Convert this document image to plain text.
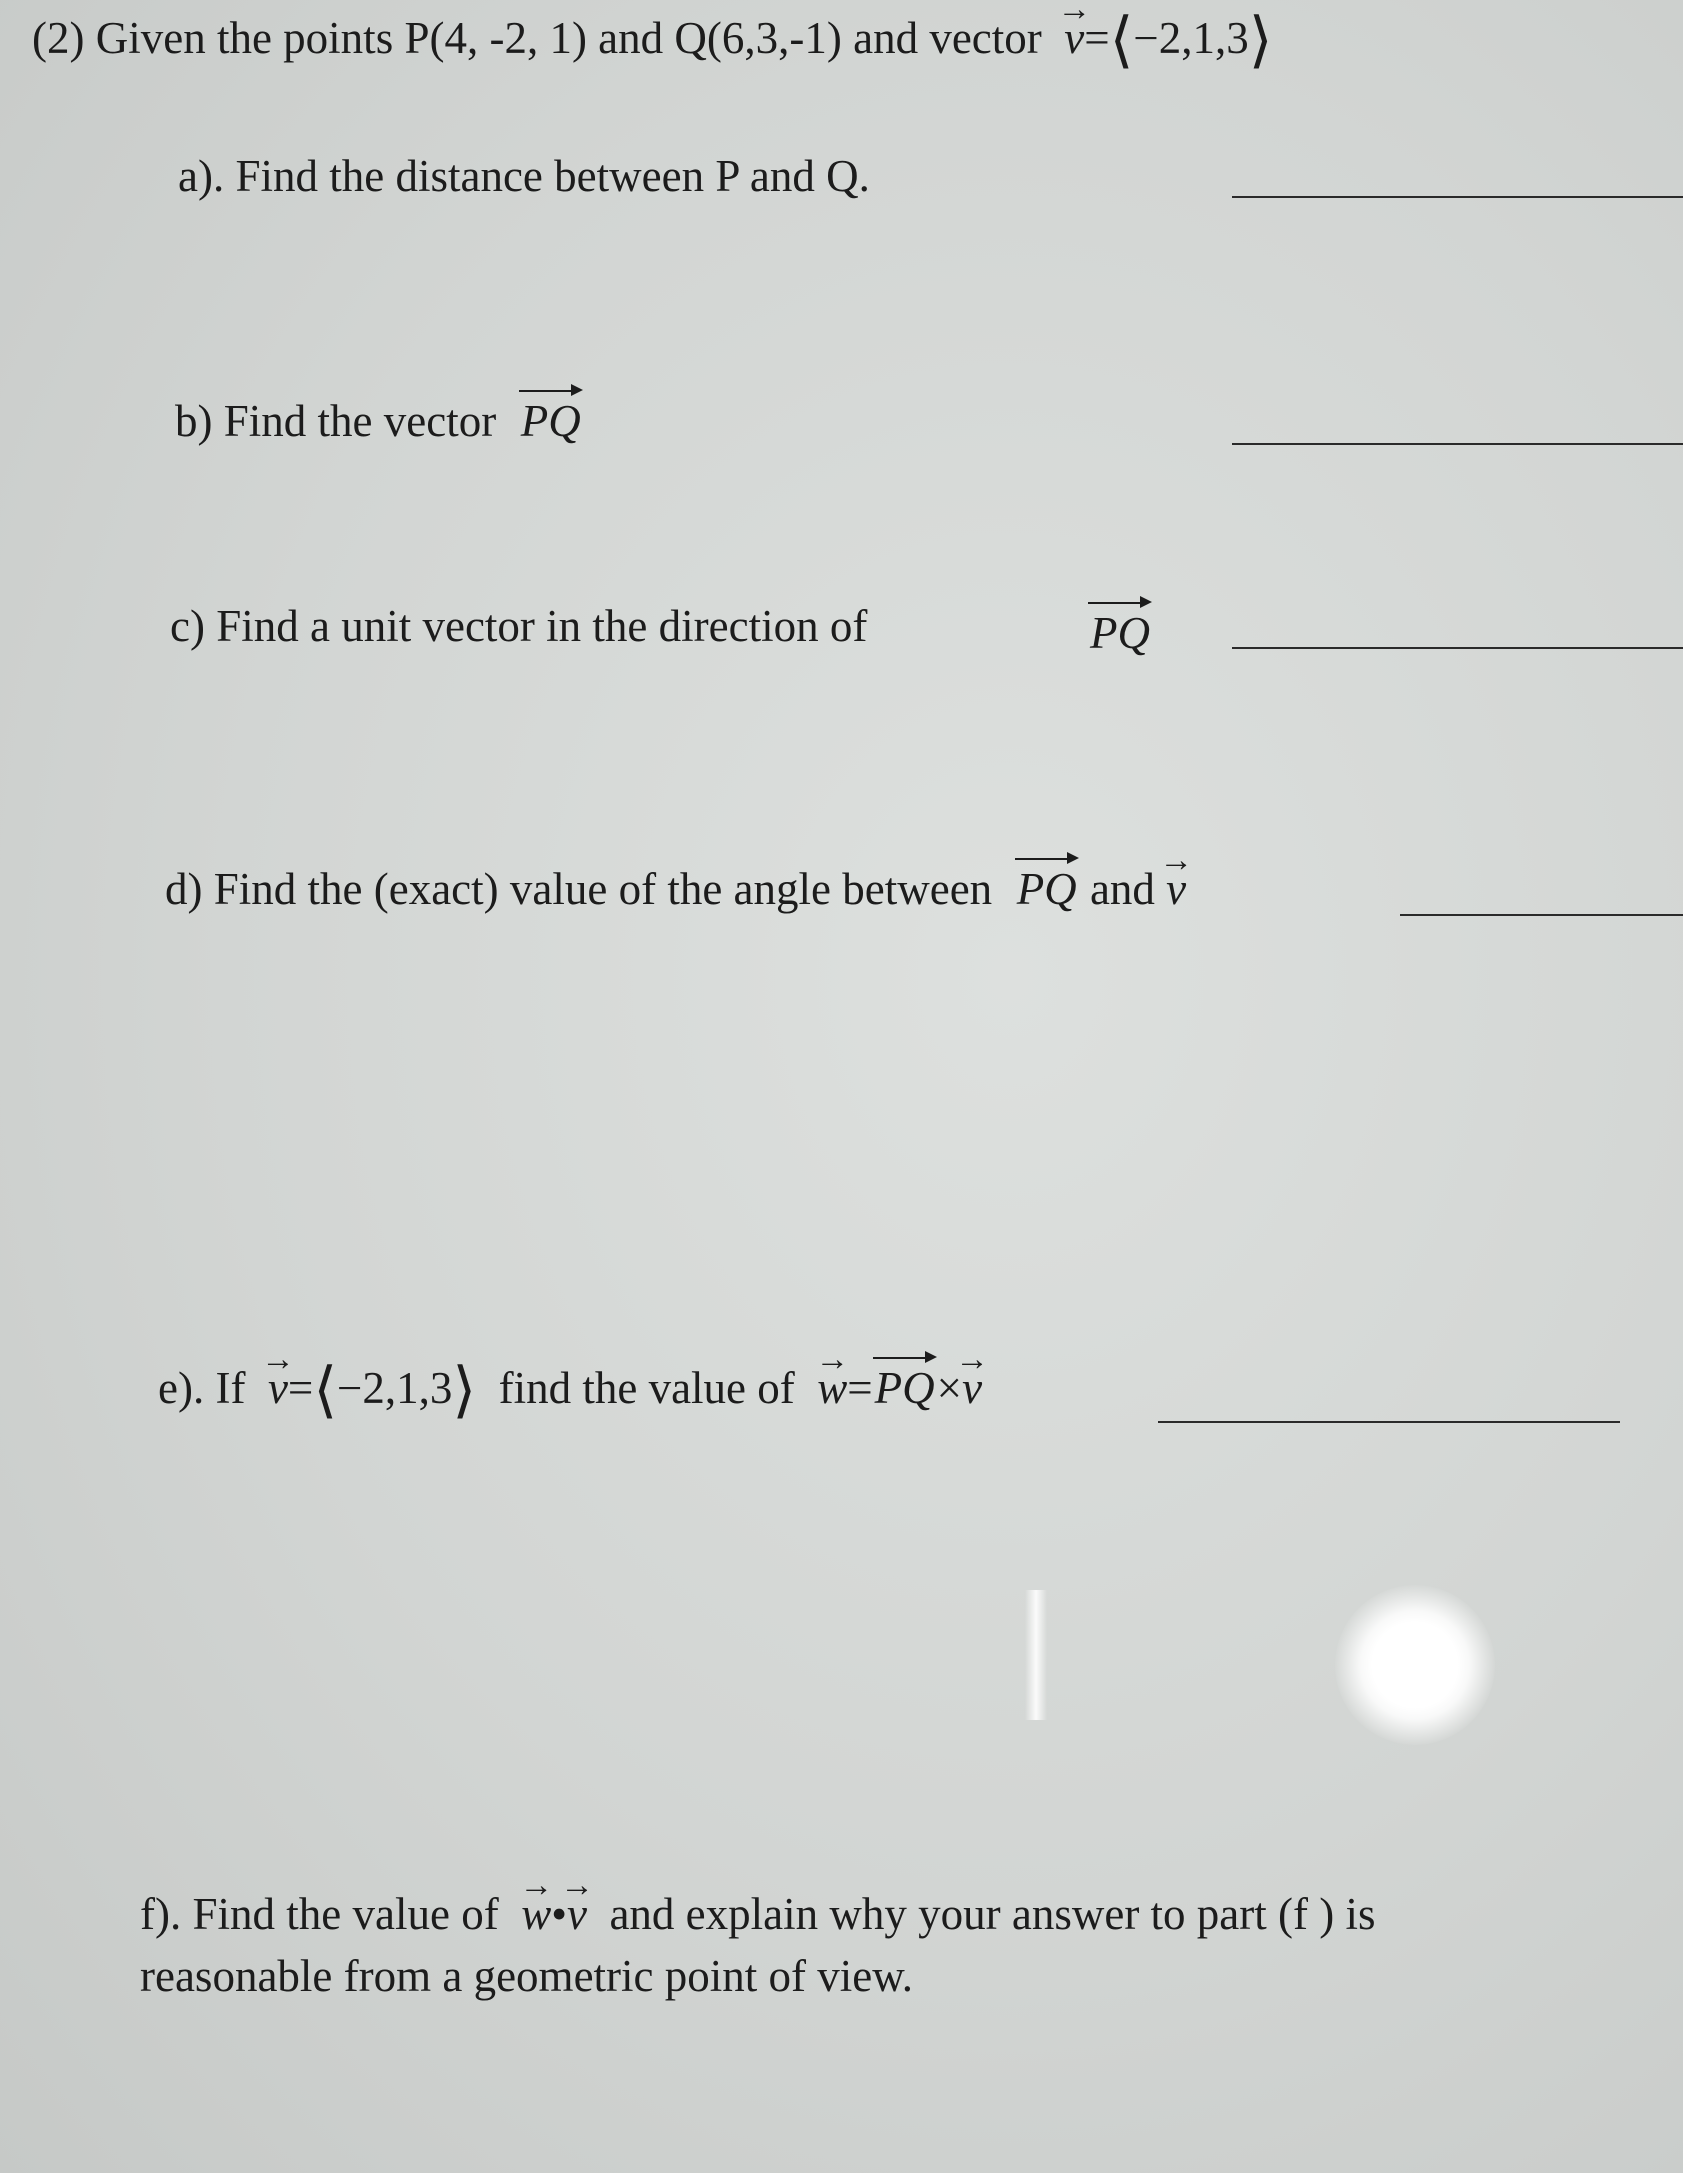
(2) Given the points P(4, -2, 1) and Q(6,3,-1) and vector → v=⟨−2,1,3⟩
a). Find the distance between P and Q.
b) Find the vector PQ
c) Find a unit vector in the direction of	PQ
d) Find the (exact) value of the angle between PQ and → v
e). If → v=⟨−2,1,3⟩ find the value of → w=PQ×→ v
f). Find the value of → w•→ v and explain why your answer to part (f ) is
reasonable from a geometric point of view.
